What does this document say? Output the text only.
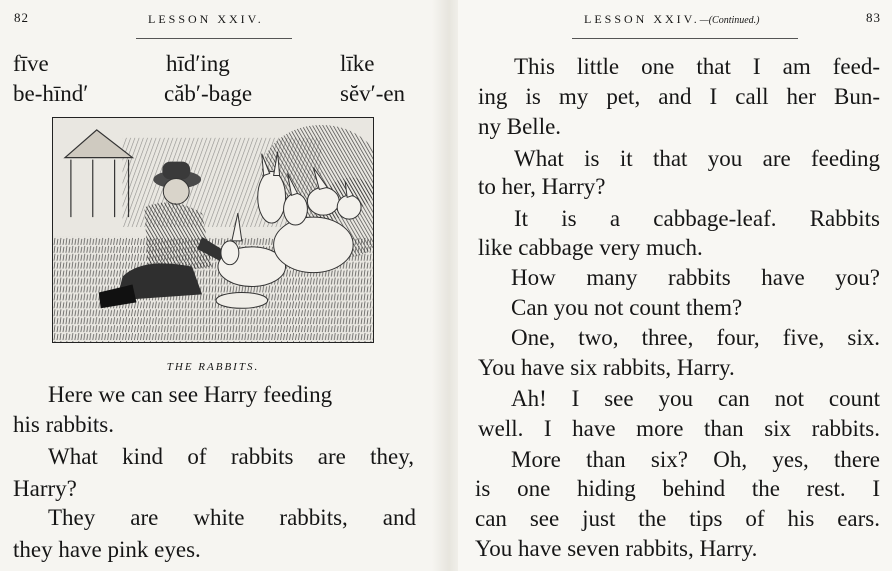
82	LESSON XXIV.
fīve	hīd′ing	līke
be-hīnd′	căb′-bage	sĕv′-en
THE RABBITS.
Here we can see Harry feeding
his rabbits.
What kind of rabbits are they,
Harry?
They are white rabbits, and
they have pink eyes.
LESSON XXIV.—(Continued.)	83
This little one that I am feed-
ing is my pet, and I call her Bun-
ny Belle.
What is it that you are feeding
to her, Harry?
It is a cabbage-leaf. Rabbits
like cabbage very much.
How many rabbits have you?
Can you not count them?
One, two, three, four, five, six.
You have six rabbits, Harry.
Ah! I see you can not count
well. I have more than six rabbits.
More than six? Oh, yes, there
is one hiding behind the rest. I
can see just the tips of his ears.
You have seven rabbits, Harry.
